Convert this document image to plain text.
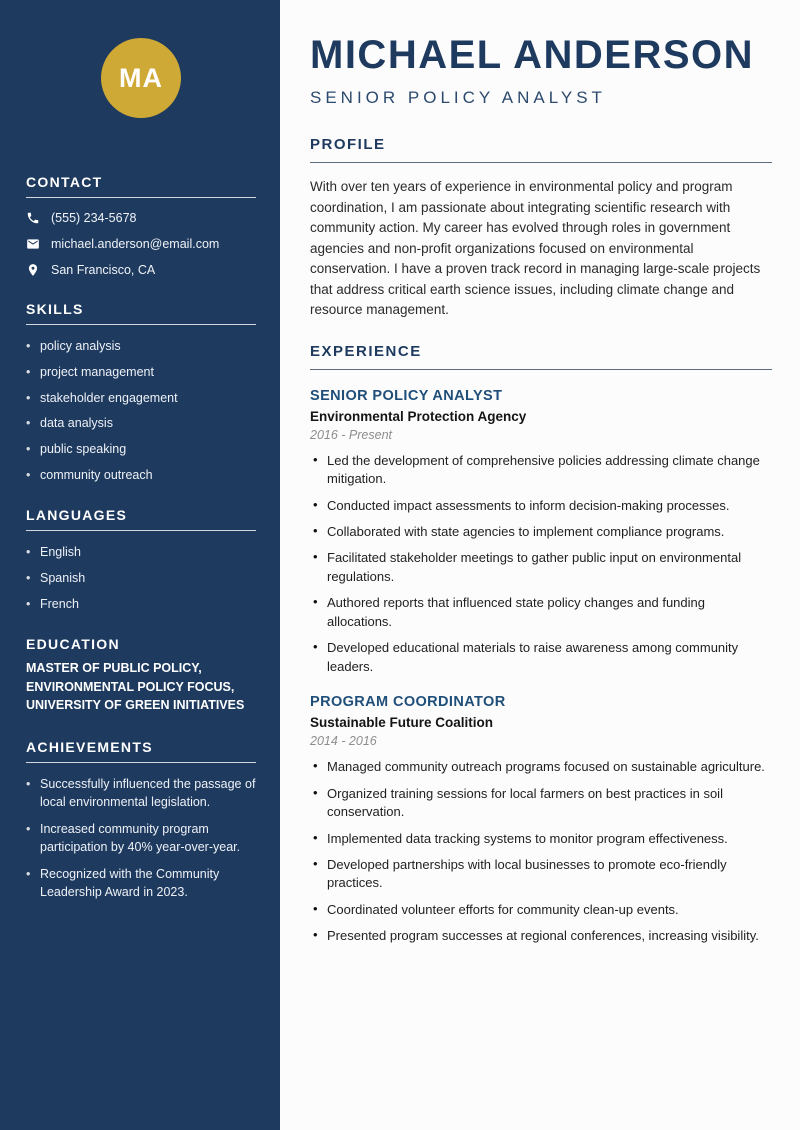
MA
CONTACT
(555) 234-5678
michael.anderson@email.com
San Francisco, CA
SKILLS
• policy analysis
• project management
• stakeholder engagement
• data analysis
• public speaking
• community outreach
LANGUAGES
• English
• Spanish
• French
EDUCATION
MASTER OF PUBLIC POLICY,
ENVIRONMENTAL POLICY FOCUS,
UNIVERSITY OF GREEN INITIATIVES
ACHIEVEMENTS
• Successfully influenced the passage of local environmental legislation.
• Increased community program participation by 40% year-over-year.
• Recognized with the Community Leadership Award in 2023.
MICHAEL ANDERSON
SENIOR POLICY ANALYST
PROFILE

With over ten years of experience in environmental policy and program coordination, I am passionate about integrating scientific research with community action. My career has evolved through roles in government agencies and non-profit organizations focused on environmental conservation. I have a proven track record in managing large-scale projects that address critical earth science issues, including climate change and resource management.

EXPERIENCE
SENIOR POLICY ANALYST
Environmental Protection Agency
2016 - Present
• Led the development of comprehensive policies addressing climate change mitigation.
• Conducted impact assessments to inform decision-making processes.
• Collaborated with state agencies to implement compliance programs.
• Facilitated stakeholder meetings to gather public input on environmental regulations.
• Authored reports that influenced state policy changes and funding allocations.
• Developed educational materials to raise awareness among community leaders.
PROGRAM COORDINATOR
Sustainable Future Coalition
2014 - 2016
• Managed community outreach programs focused on sustainable agriculture.
• Organized training sessions for local farmers on best practices in soil conservation.
• Implemented data tracking systems to monitor program effectiveness.
• Developed partnerships with local businesses to promote eco-friendly practices.
• Coordinated volunteer efforts for community clean-up events.
• Presented program successes at regional conferences, increasing visibility.
